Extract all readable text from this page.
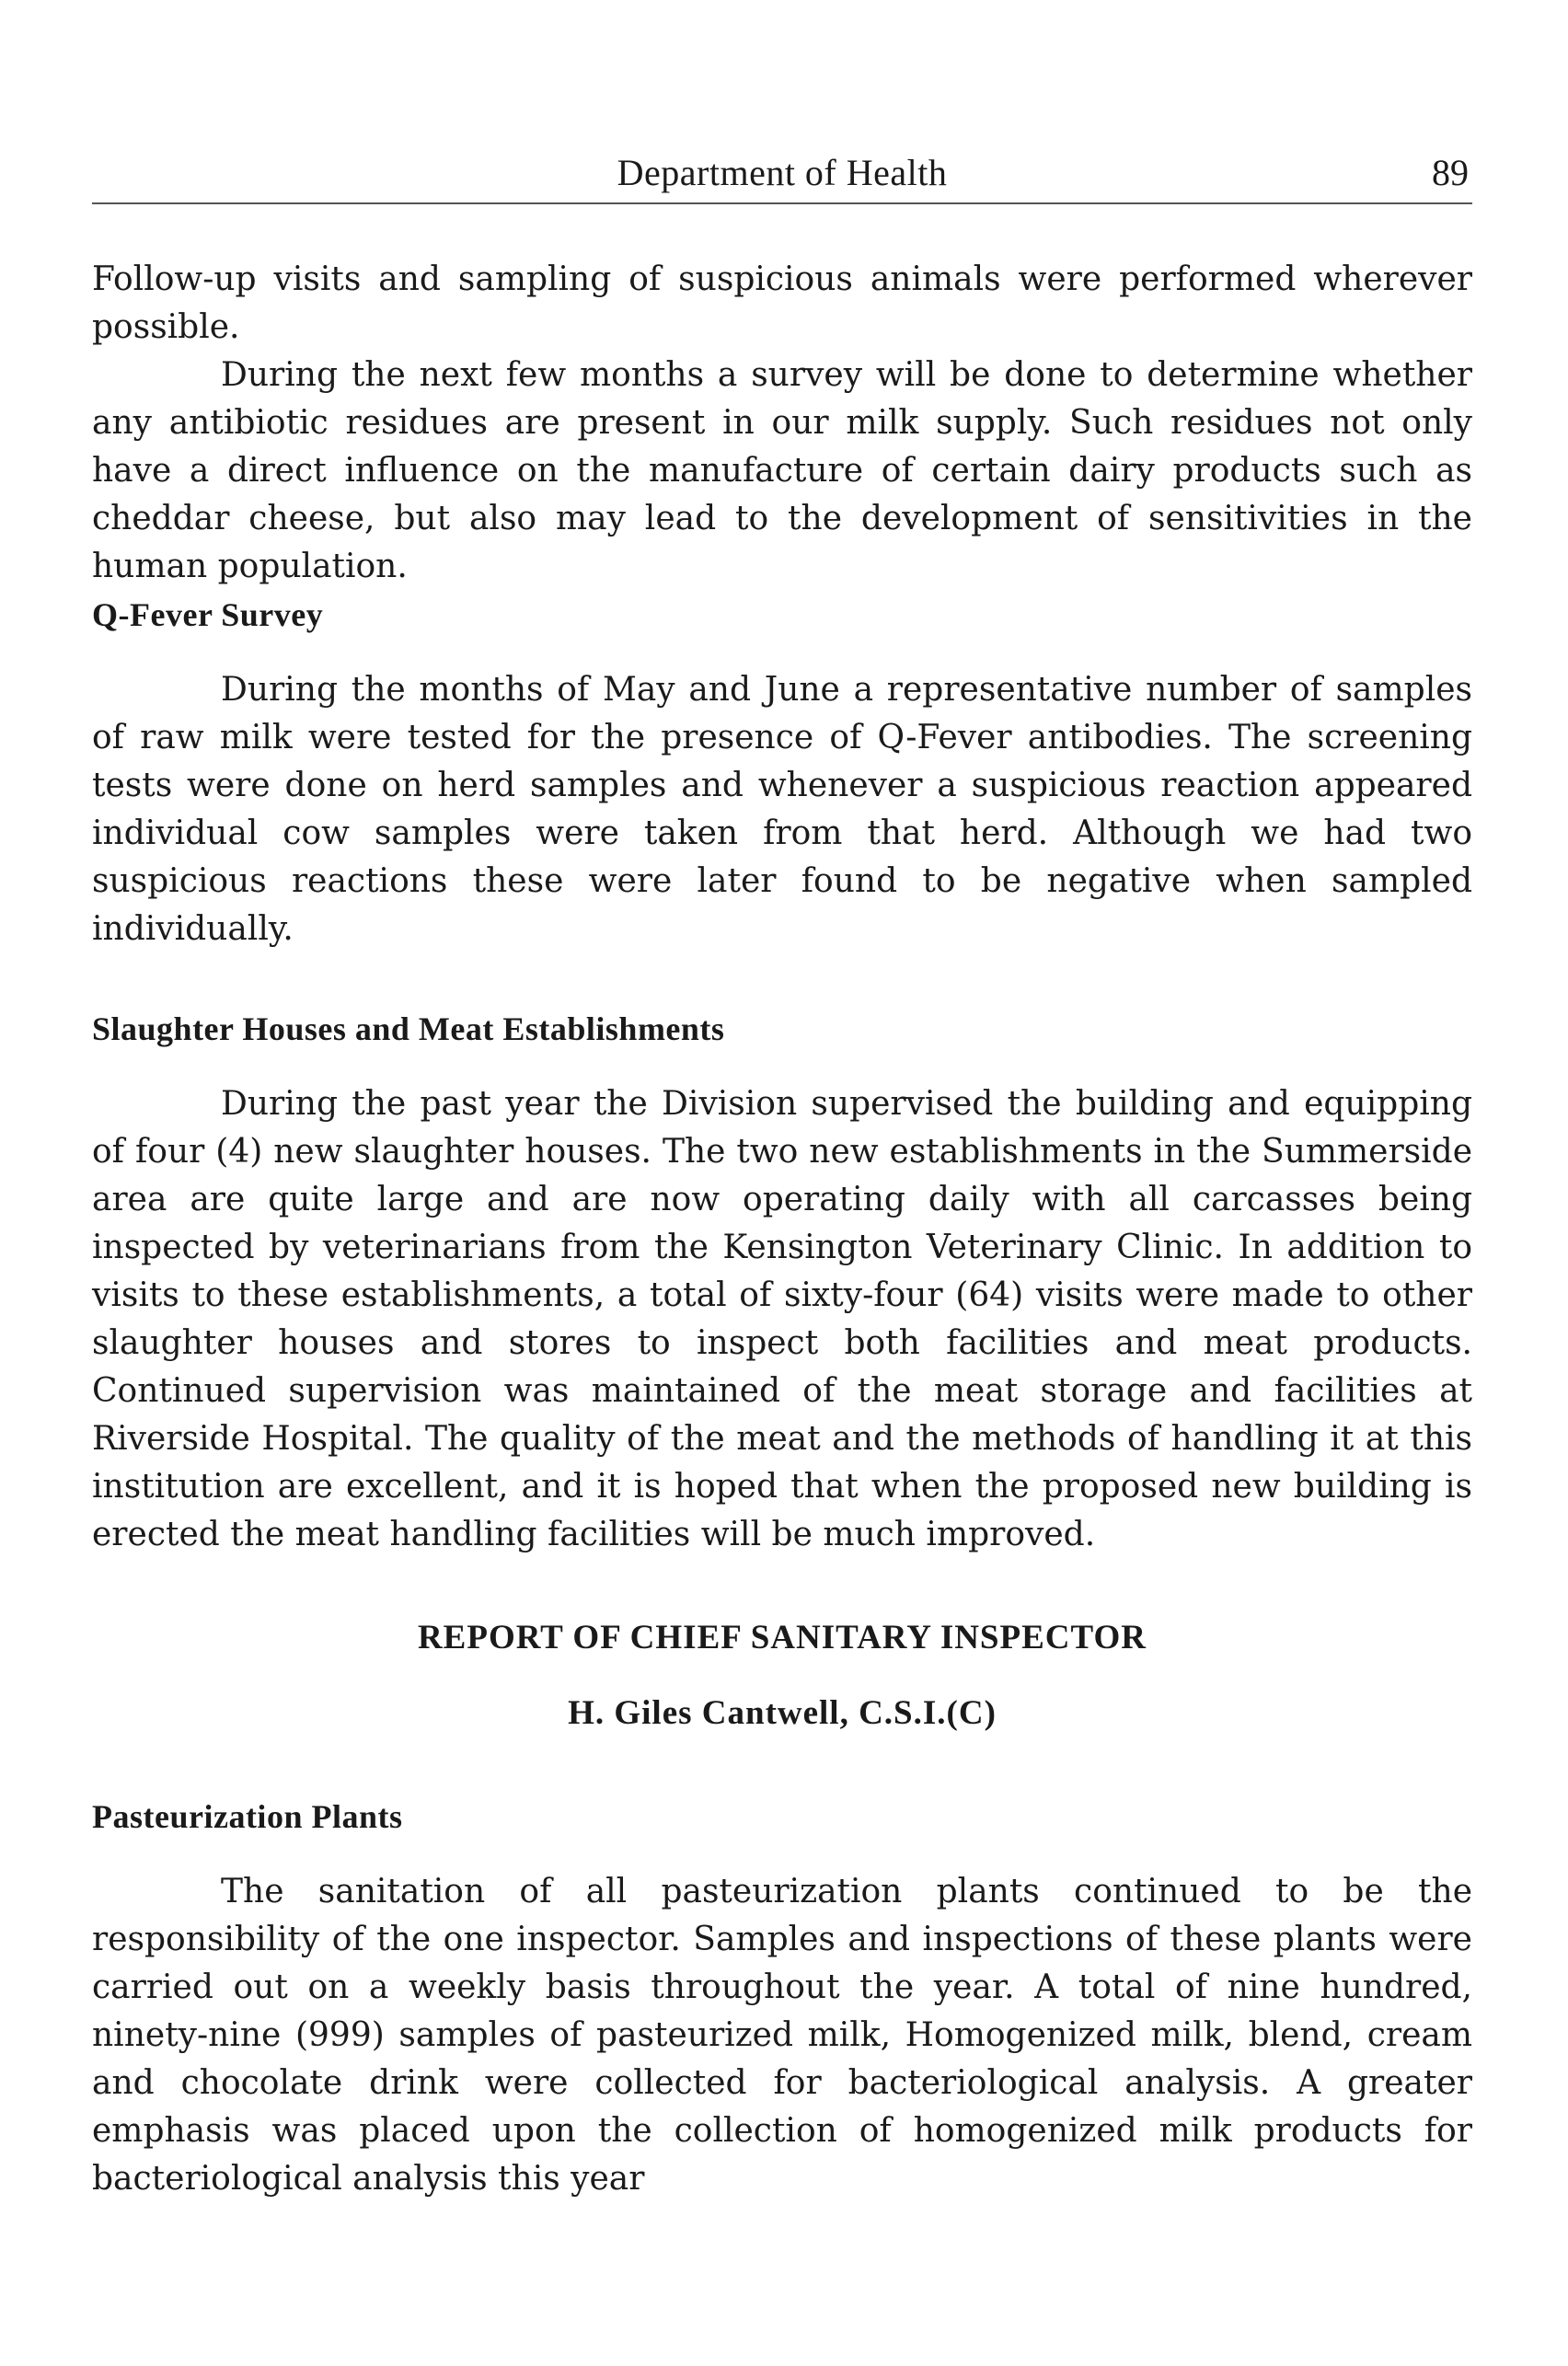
Department of Health	89

Follow-up visits and sampling of suspicious animals were performed wherever possible.

During the next few months a survey will be done to determine whether any antibiotic residues are present in our milk supply. Such residues not only have a direct influence on the manufacture of certain dairy products such as cheddar cheese, but also may lead to the development of sensitivities in the human population.

Q-Fever Survey

During the months of May and June a representative number of samples of raw milk were tested for the presence of Q-Fever antibodies. The screening tests were done on herd samples and whenever a suspicious reaction appeared individual cow samples were taken from that herd. Although we had two suspicious reactions these were later found to be negative when sampled individually.

Slaughter Houses and Meat Establishments

During the past year the Division supervised the building and equipping of four (4) new slaughter houses. The two new establishments in the Summerside area are quite large and are now operating daily with all carcasses being inspected by veterinarians from the Kensington Veterinary Clinic. In addition to visits to these establishments, a total of sixty-four (64) visits were made to other slaughter houses and stores to inspect both facilities and meat products. Continued supervision was maintained of the meat storage and facilities at Riverside Hospital. The quality of the meat and the methods of handling it at this institution are excellent, and it is hoped that when the proposed new building is erected the meat handling facilities will be much improved.

REPORT OF CHIEF SANITARY INSPECTOR
H. Giles Cantwell, C.S.I.(C)
Pasteurization Plants

The sanitation of all pasteurization plants continued to be the responsibility of the one inspector. Samples and inspections of these plants were carried out on a weekly basis throughout the year. A total of nine hundred, ninety-nine (999) samples of pasteurized milk, Homogenized milk, blend, cream and chocolate drink were collected for bacteriological analysis. A greater emphasis was placed upon the collection of homogenized milk products for bacteriological analysis this year
